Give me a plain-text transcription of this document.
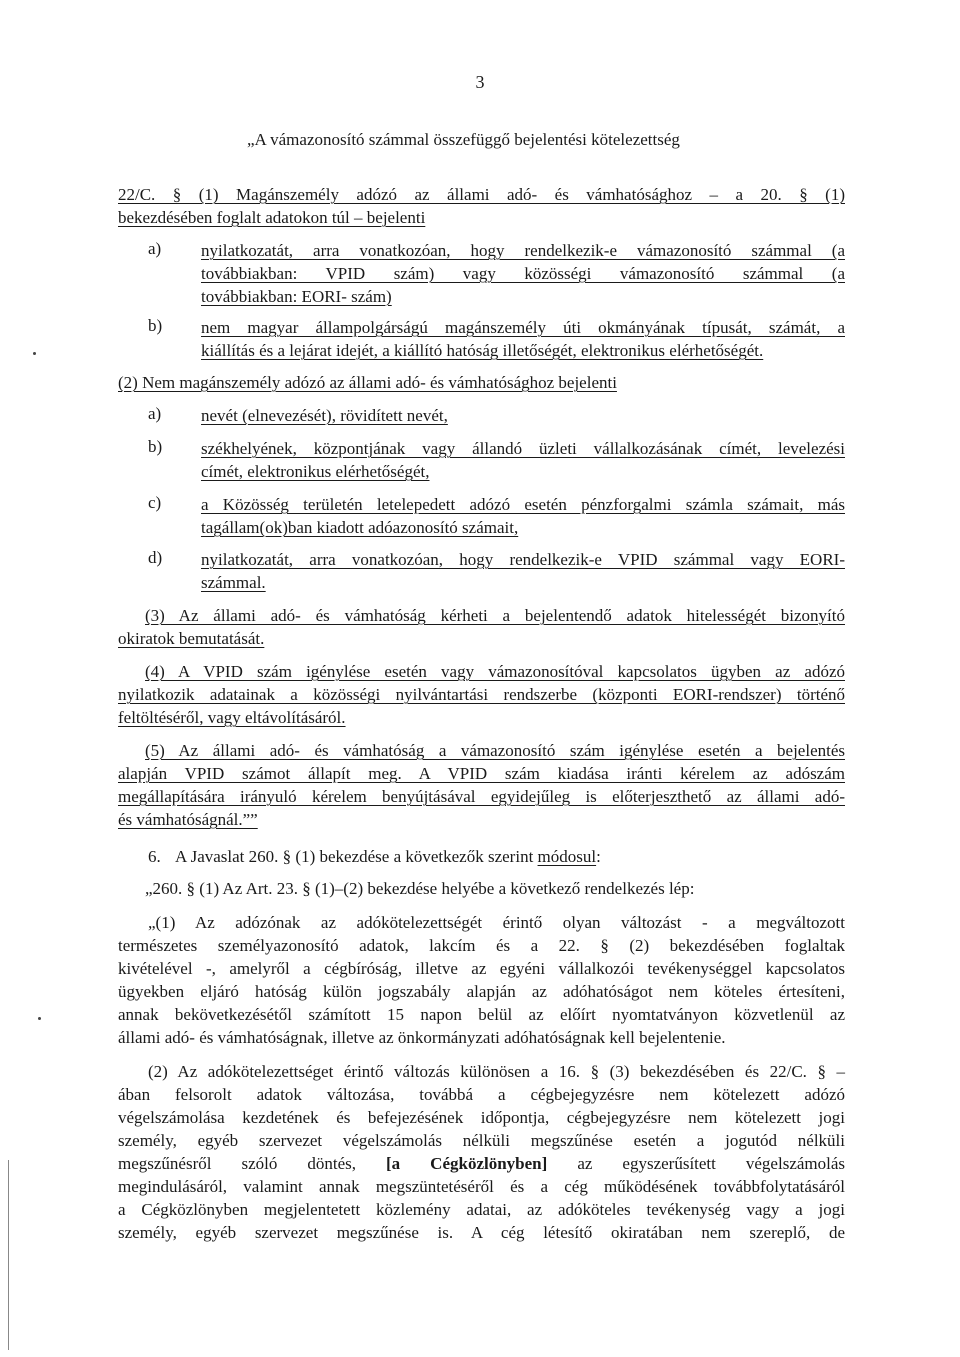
3
„A vámazonosító számmal összefüggő bejelentési kötelezettség
22/C. § (1) Magánszemély adózó az állami adó- és vámhatósághoz – a 20. § (1)
bekezdésében foglalt adatokon túl – bejelenti
a)	nyilatkozatát, arra vonatkozóan, hogy rendelkezik-e vámazonosító számmal (a
továbbiakban: VPID szám) vagy közösségi vámazonosító számmal (a
továbbiakban: EORI- szám)
b)	nem magyar állampolgárságú magánszemély úti okmányának típusát, számát, a
kiállítás és a lejárat idejét, a kiállító hatóság illetőségét, elektronikus elérhetőségét.
(2) Nem magánszemély adózó az állami adó- és vámhatósághoz bejelenti
a)	nevét (elnevezését), rövidített nevét,
b)	székhelyének, központjának vagy állandó üzleti vállalkozásának címét, levelezési
címét, elektronikus elérhetőségét,
c)	a Közösség területén letelepedett adózó esetén pénzforgalmi számla számait, más
tagállam(ok)ban kiadott adóazonosító számait,
d)	nyilatkozatát, arra vonatkozóan, hogy rendelkezik-e VPID számmal vagy EORI-
számmal.
(3) Az állami adó- és vámhatóság kérheti a bejelentendő adatok hitelességét bizonyító
okiratok bemutatását.
(4) A VPID szám igénylése esetén vagy vámazonosítóval kapcsolatos ügyben az adózó
nyilatkozik adatainak a közösségi nyilvántartási rendszerbe (központi EORI-rendszer) történő
feltöltéséről, vagy eltávolításáról.
(5) Az állami adó- és vámhatóság a vámazonosító szám igénylése esetén a bejelentés
alapján VPID számot állapít meg. A VPID szám kiadása iránti kérelem az adószám
megállapítására irányuló kérelem benyújtásával egyidejűleg is előterjeszthető az állami adó-
és vámhatóságnál.””
6. A Javaslat 260. § (1) bekezdése a következők szerint módosul:
„260. § (1) Az Art. 23. § (1)–(2) bekezdése helyébe a következő rendelkezés lép:
„(1) Az adózónak az adókötelezettségét érintő olyan változást - a megváltozott
természetes személyazonosító adatok, lakcím és a 22. § (2) bekezdésében foglaltak
kivételével -, amelyről a cégbíróság, illetve az egyéni vállalkozói tevékenységgel kapcsolatos
ügyekben eljáró hatóság külön jogszabály alapján az adóhatóságot nem köteles értesíteni,
annak bekövetkezésétől számított 15 napon belül az előírt nyomtatványon közvetlenül az
állami adó- és vámhatóságnak, illetve az önkormányzati adóhatóságnak kell bejelentenie.
(2) Az adókötelezettséget érintő változás különösen a 16. § (3) bekezdésében és 22/C. § –
ában felsorolt adatok változása, továbbá a cégbejegyzésre nem kötelezett adózó
végelszámolása kezdetének és befejezésének időpontja, cégbejegyzésre nem kötelezett jogi
személy, egyéb szervezet végelszámolás nélküli megszűnése esetén a jogutód nélküli
megszűnésről szóló döntés, [a Cégközlönyben] az egyszerűsített végelszámolás
megindulásáról, valamint annak megszüntetéséről és a cég működésének továbbfolytatásáról
a Cégközlönyben megjelentetett közlemény adatai, az adóköteles tevékenység vagy a jogi
személy, egyéb szervezet megszűnése is. A cég létesítő okiratában nem szereplő, de
